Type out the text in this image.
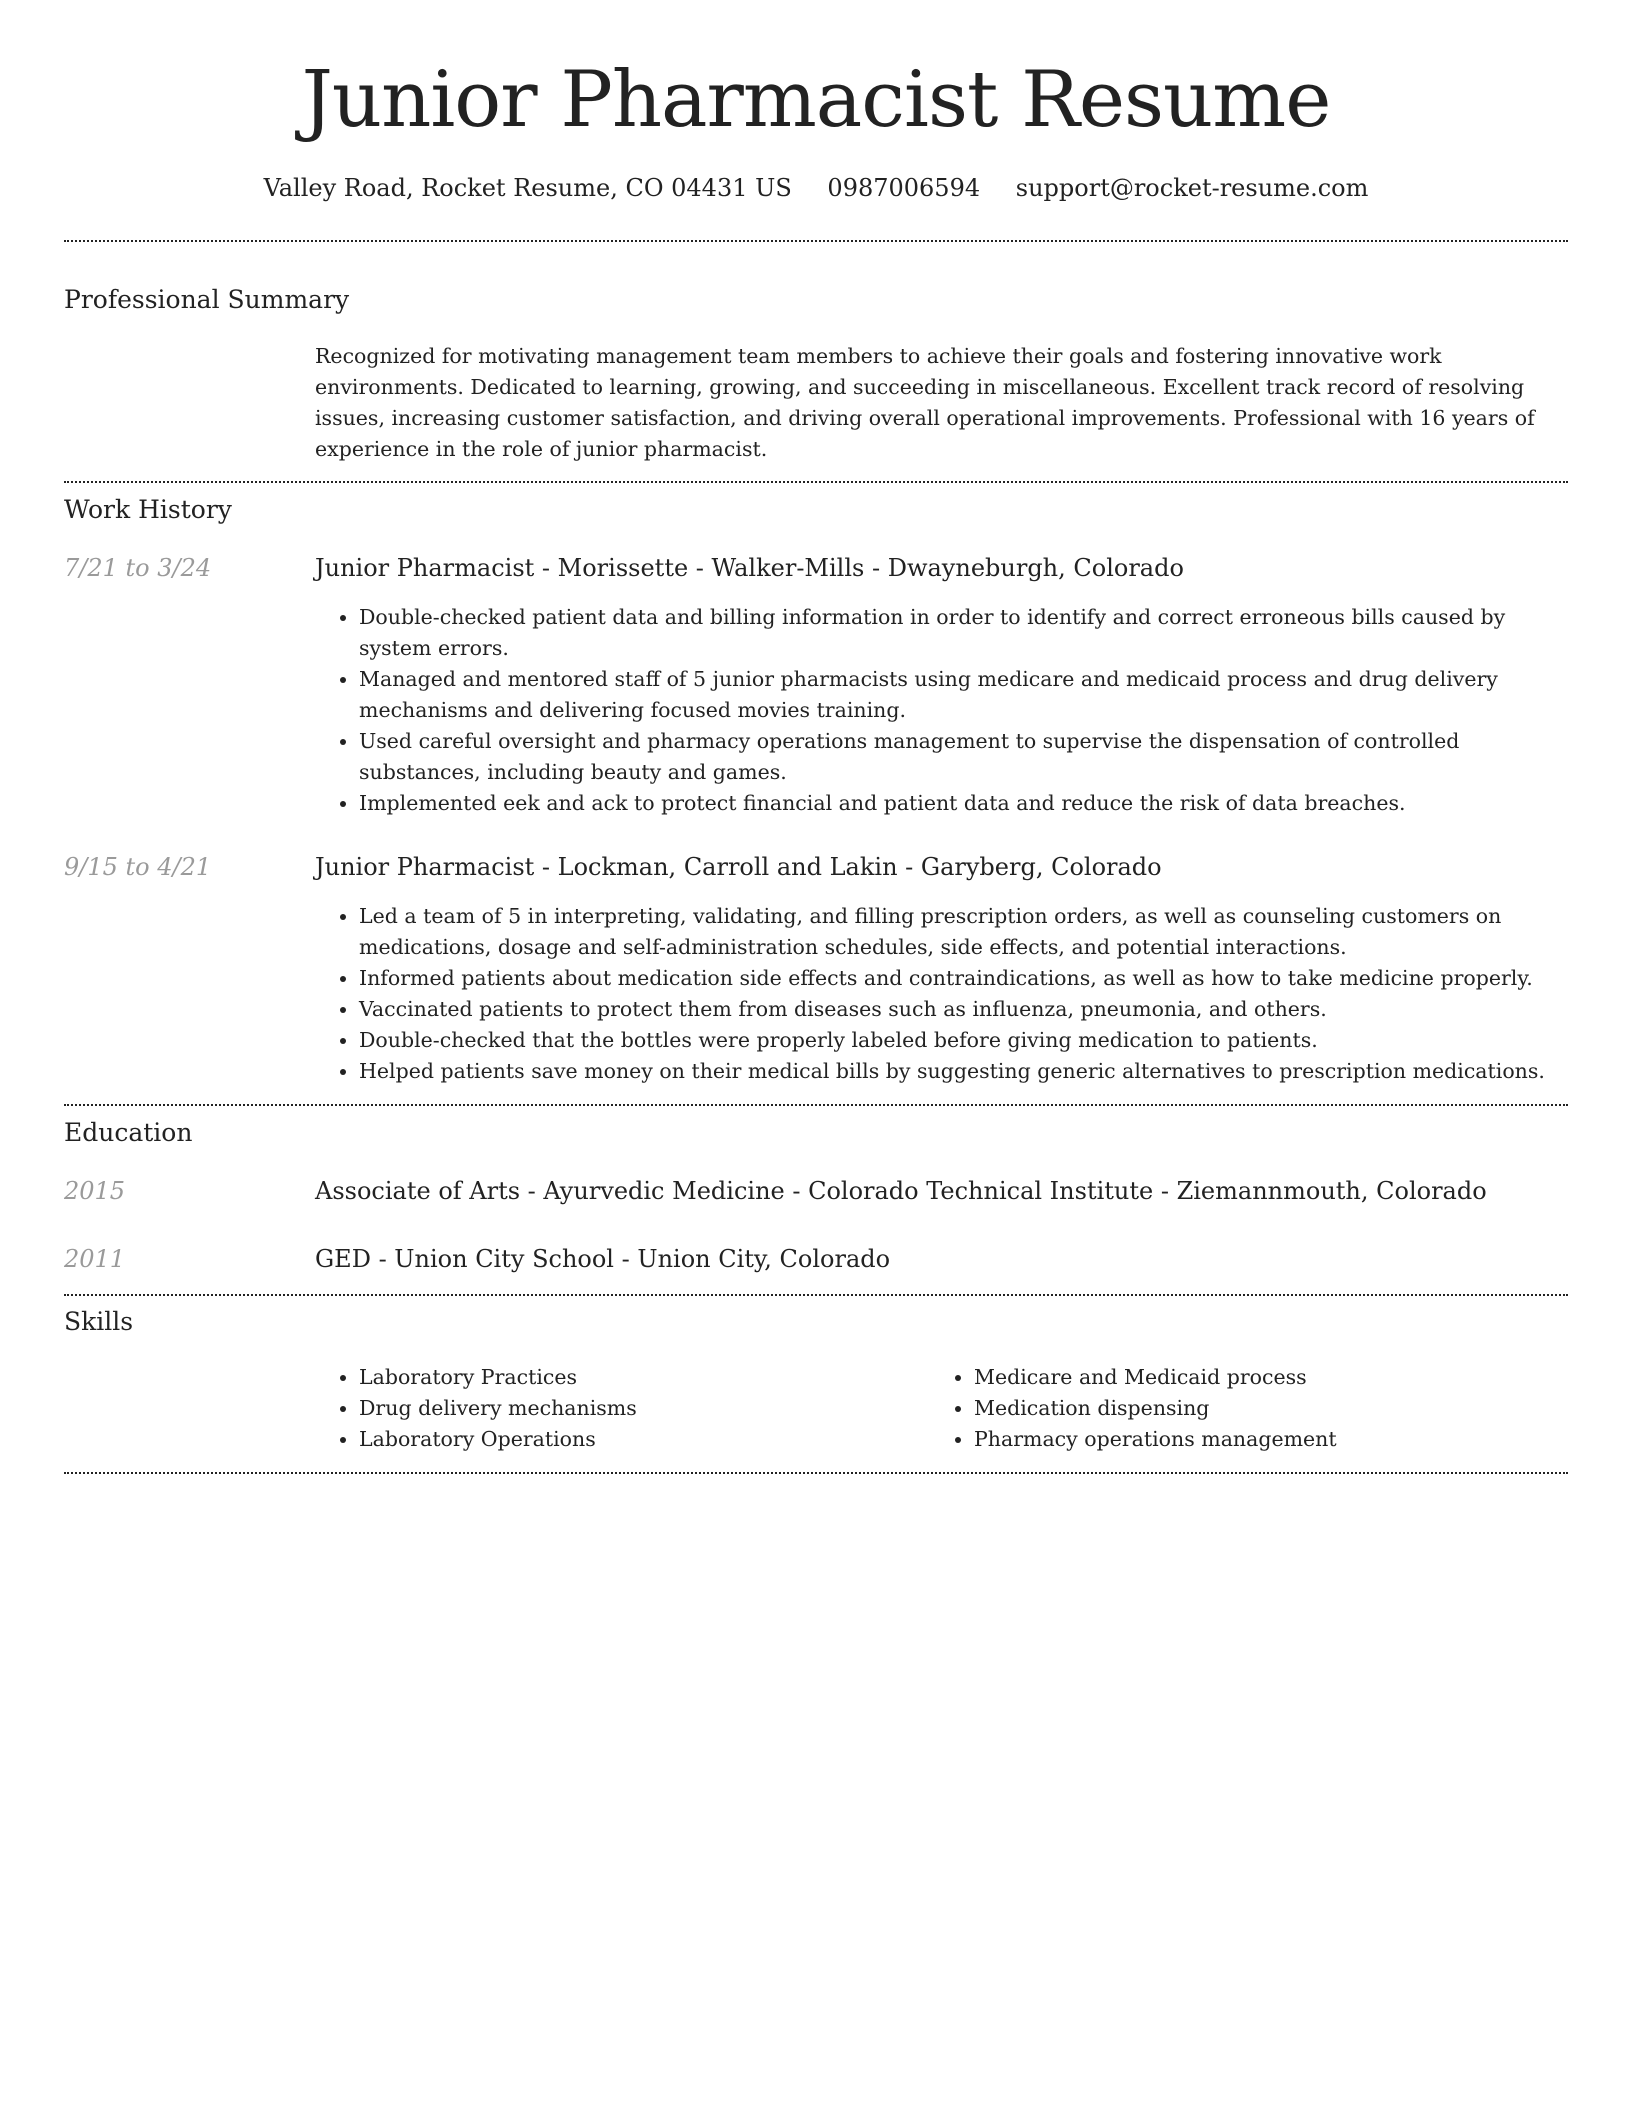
Junior Pharmacist Resume
Valley Road, Rocket Resume, CO 04431 US 0987006594 support@rocket-resume.com
Professional Summary
Recognized for motivating management team members to achieve their goals and fostering innovative work environments. Dedicated to learning, growing, and succeeding in miscellaneous. Excellent track record of resolving issues, increasing customer satisfaction, and driving overall operational improvements. Professional with 16 years of experience in the role of junior pharmacist.
Work History
7/21 to 3/24	Junior Pharmacist - Morissette - Walker-Mills - Dwayneburgh, Colorado
• Double-checked patient data and billing information in order to identify and correct erroneous bills caused by system errors.
• Managed and mentored staff of 5 junior pharmacists using medicare and medicaid process and drug delivery mechanisms and delivering focused movies training.
• Used careful oversight and pharmacy operations management to supervise the dispensation of controlled substances, including beauty and games.
• Implemented eek and ack to protect financial and patient data and reduce the risk of data breaches.
9/15 to 4/21	Junior Pharmacist - Lockman, Carroll and Lakin - Garyberg, Colorado
• Led a team of 5 in interpreting, validating, and filling prescription orders, as well as counseling customers on medications, dosage and self-administration schedules, side effects, and potential interactions.
• Informed patients about medication side effects and contraindications, as well as how to take medicine properly.
• Vaccinated patients to protect them from diseases such as influenza, pneumonia, and others.
• Double-checked that the bottles were properly labeled before giving medication to patients.
• Helped patients save money on their medical bills by suggesting generic alternatives to prescription medications.
Education
2015	Associate of Arts - Ayurvedic Medicine - Colorado Technical Institute - Ziemannmouth, Colorado
2011	GED - Union City School - Union City, Colorado
Skills
• Laboratory Practices
• Drug delivery mechanisms
• Laboratory Operations
• Medicare and Medicaid process
• Medication dispensing
• Pharmacy operations management
